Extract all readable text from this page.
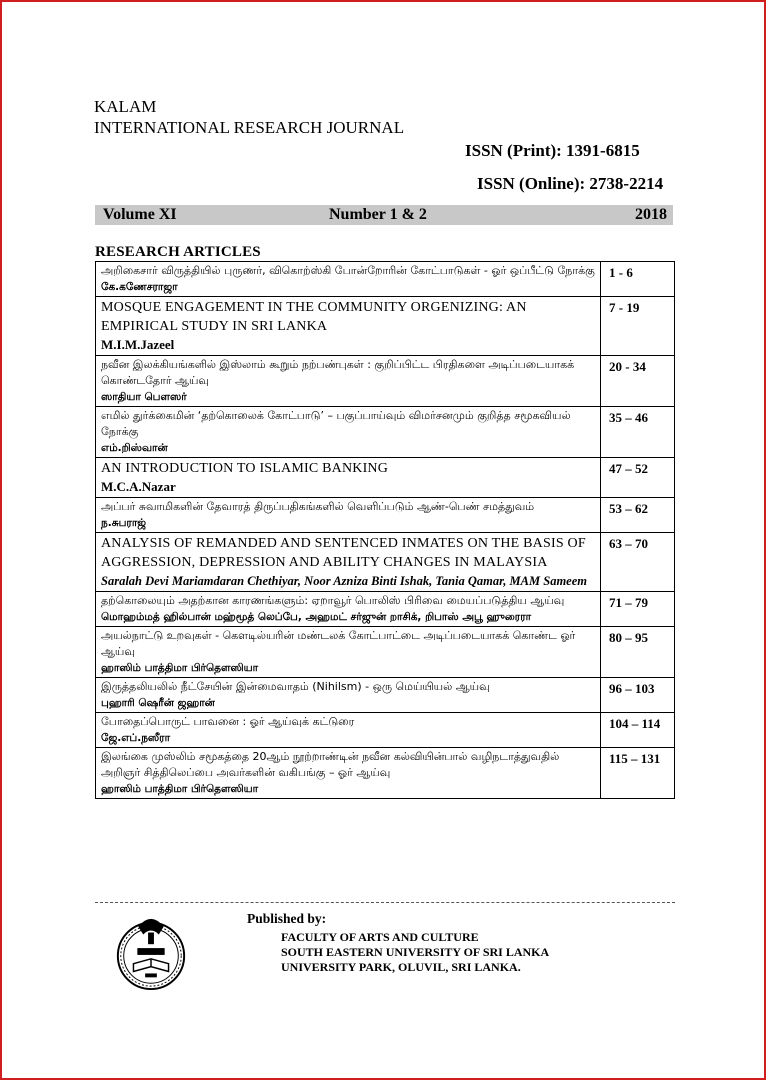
KALAM
INTERNATIONAL RESEARCH JOURNAL
ISSN (Print): 1391-6815
ISSN (Online): 2738-2214
Volume XI	Number 1 & 2	2018
RESEARCH ARTICLES
அறிகைசார் விருத்தியில் புருணர், விகொற்ஸ்கி போன்றோரின் கோட்பாடுகள் - ஓர் ஒப்பீட்டு நோக்கு
கே.கணேசராஜா	1 - 6

MOSQUE ENGAGEMENT IN THE COMMUNITY ORGENIZING: AN EMPIRICAL STUDY IN SRI LANKA
M.I.M.Jazeel	7 - 19

நவீன இலக்கியங்களில் இஸ்லாம் கூறும் நற்பண்புகள் : குறிப்பிட்ட பிரதிகளை அடிப்படையாகக் கொண்டதோர் ஆய்வு
ஸாதியா பௌஸர்	20 - 34

எமில் துர்க்கைமின் ‘தற்கொலைக் கோட்பாடு’ – பகுப்பாய்வும் விமர்சனமும் குறித்த சமூகவியல் நோக்கு
எம்.றிஸ்வான்	35 – 46

AN INTRODUCTION TO ISLAMIC BANKING
M.C.A.Nazar	47 – 52

அப்பர் சுவாமிகளின் தேவாரத் திருப்பதிகங்களில் வெளிப்படும் ஆண்-பெண் சமத்துவம்
ந.சுபராஜ்	53 – 62

ANALYSIS OF REMANDED AND SENTENCED INMATES ON THE BASIS OF AGGRESSION, DEPRESSION AND ABILITY CHANGES IN MALAYSIA
Saralah Devi Mariamdaran Chethiyar, Noor Azniza Binti Ishak, Tania Qamar, MAM Sameem	63 – 70

தற்கொலையும் அதற்கான காரணங்களும்: ஏறாவூர் பொலிஸ் பிரிவை மையப்படுத்திய ஆய்வு
மொஹம்மத் ஹில்பான் மஹ்மூத் லெப்பே, அஹமட் சர்ஜுன் றாசிக், றிபாஸ் அபூ ஹுரைரா	71 – 79

அயல்நாட்டு உறவுகள் - கௌடில்யரின் மண்டலக் கோட்பாட்டை அடிப்படையாகக் கொண்ட ஓர் ஆய்வு
ஹாஸிம் பாத்திமா பிர்தௌஸியா	80 – 95

இருத்தலியலில் நீட்சேயின் இன்மைவாதம் (Nihilsm) - ஒரு மெய்யியல் ஆய்வு
புஹாரி ஷெரீன் ஜஹான்	96 – 103

போதைப்பொருட் பாவனை : ஓர் ஆய்வுக் கட்டுரை
ஜே.எப்.நஸீரா	104 – 114

இலங்கை முஸ்லிம் சமூகத்தை 20ஆம் நூற்றாண்டின் நவீன கல்வியின்பால் வழிநடாத்துவதில் அறிஞர் சித்திலெப்பை அவர்களின் வகிபங்கு – ஓர் ஆய்வு
ஹாஸிம் பாத்திமா பிர்தௌஸியா	115 – 131
Published by:
FACULTY OF ARTS AND CULTURE
SOUTH EASTERN UNIVERSITY OF SRI LANKA
UNIVERSITY PARK, OLUVIL, SRI LANKA.
